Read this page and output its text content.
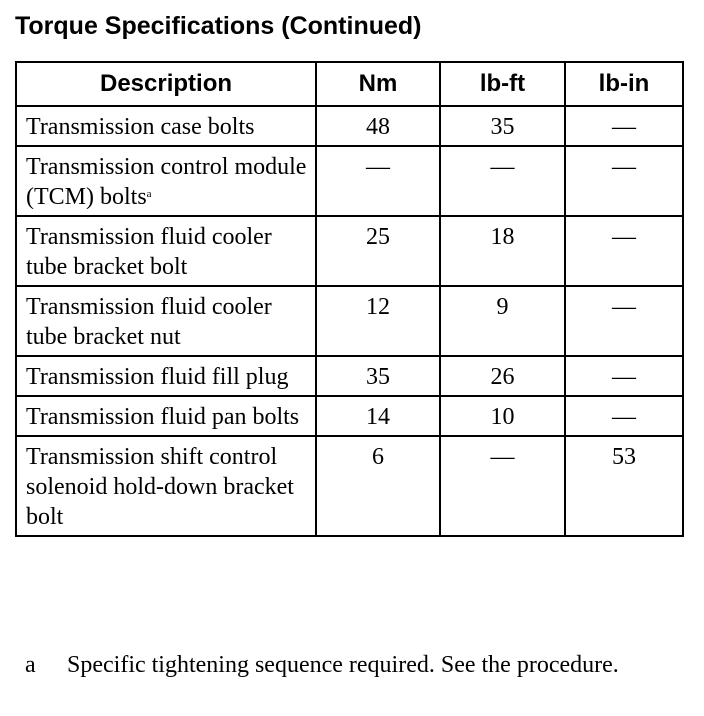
Torque Specifications (Continued)
Description	Nm	lb-ft	lb-in
Transmission case bolts	48	35	—
Transmission control module (TCM) bolts$^a$	—	—	—
Transmission fluid cooler tube bracket bolt	25	18	—
Transmission fluid cooler tube bracket nut	12	9	—
Transmission fluid fill plug	35	26	—
Transmission fluid pan bolts	14	10	—
Transmission shift control solenoid hold-down bracket bolt	6	—	53
a Specific tightening sequence required. See the procedure.
